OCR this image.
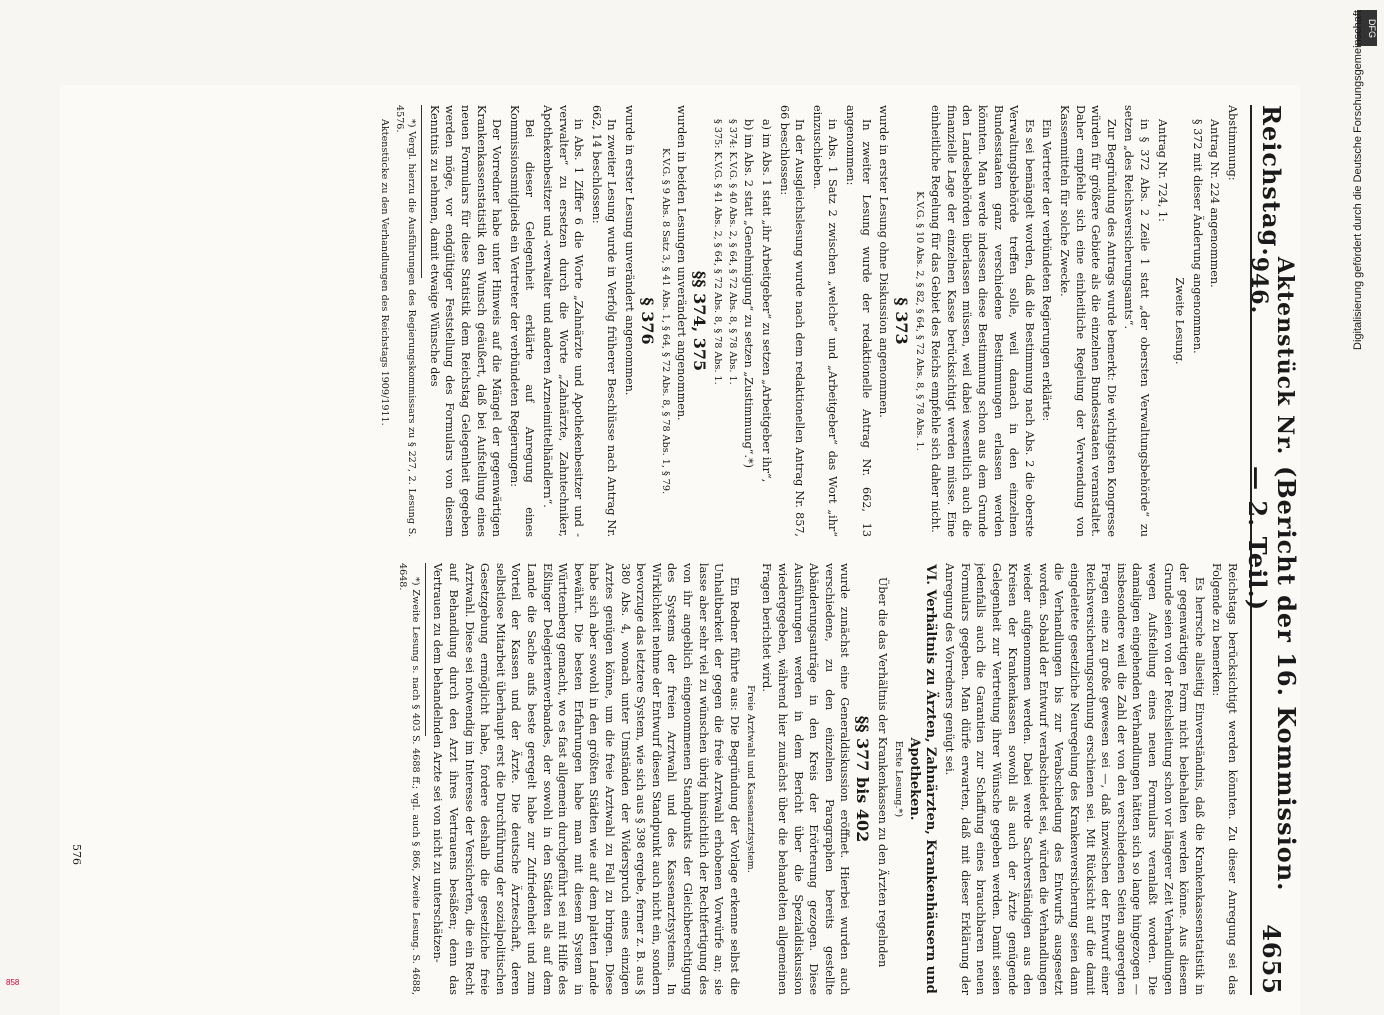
Reichstag.
Aktenstück Nr. 946.
(Bericht der 16. Kommission. — 2. Teil.)
4655

Abstimmung:

Antrag Nr. 224 angenommen.

§ 372 mit dieser Änderung angenommen.

Zweite Lesung.

Antrag Nr. 724, 1:

in § 372 Abs. 2 Zeile 1 statt „der obersten Verwaltungsbehörde“ zu setzen „des Reichsversicherungsamts“.

Zur Begründung des Antrags wurde bemerkt: Die wichtigsten Kongresse würden für größere Gebiete als die einzelnen Bundesstaaten veranstaltet. Daher empfehle sich eine einheitliche Regelung der Verwendung von Kassenmitteln für solche Zwecke.

Ein Vertreter der verbündeten Regierungen erklärte:

Es sei bemängelt worden, daß die Bestimmung nach Abs. 2 die oberste Verwaltungsbehörde treffen solle, weil danach in den einzelnen Bundesstaaten ganz verschiedene Bestimmungen erlassen werden könnten. Man werde indessen diese Bestimmung schon aus dem Grunde den Landesbehörden überlassen müssen, weil dabei wesentlich auch die finanzielle Lage der einzelnen Kasse berücksichtigt werden müsse. Eine einheitliche Regelung für das Gebiet des Reichs empfehle sich daher nicht.

K.V.G. § 10 Abs. 2, § 82, § 64, § 72 Abs. 8, § 78 Abs. 1.

§ 373

wurde in erster Lesung ohne Diskussion angenommen.

In zweiter Lesung wurde der redaktionelle Antrag Nr. 662, 13 angenommen:

in Abs. 1 Satz 2 zwischen „welche“ und „Arbeitgeber“ das Wort „ihr“ einzuschieben.

In der Ausgleichslesung wurde nach dem redaktionellen Antrag Nr. 857, 66 beschlossen:

a) im Abs. 1 statt „ihr Arbeitgeber“ zu setzen „Arbeitgeber ihr“,

b) im Abs. 2 statt „Genehmigung“ zu setzen „Zustimmung“.*)

§ 374: K.V.G. § 40 Abs. 2, § 64, § 72 Abs. 8, § 78 Abs. 1.

§ 375: K.V.G. § 41 Abs. 2, § 64, § 72 Abs. 8, § 78 Abs. 1.

§§ 374, 375

wurden in beiden Lesungen unverändert angenommen.

K.V.G. § 9 Abs. 8 Satz 3, § 41 Abs. 1, § 64, § 72 Abs. 8, § 78 Abs. 1, § 79.

§ 376

wurde in erster Lesung unverändert angenommen.

In zweiter Lesung wurde in Verfolg früherer Beschlüsse nach Antrag Nr. 662, 14 beschlossen:

in Abs. 1 Ziffer 6 die Worte „Zahnärzte und Apothekenbesitzer und -verwalter“ zu ersetzen durch die Worte „Zahnärzte, Zahntechniker, Apothekenbesitzer und -verwalter und anderen Arzneimittelhändlern“.

Bei dieser Gelegenheit erklärte auf Anregung eines Kommissionsmitglieds ein Vertreter der verbündeten Regierungen:

Der Vorredner habe unter Hinweis auf die Mängel der gegenwärtigen Krankenkassenstatistik den Wunsch geäußert, daß bei Aufstellung eines neuen Formulars für diese Statistik dem Reichstag Gelegenheit gegeben werden möge, vor endgültiger Feststellung des Formulars von diesem Kenntnis zu nehmen, damit etwaige Wünsche des

*) Vergl. hierzu die Ausführungen des Regierungskommissars zu § 227, 2. Lesung S. 4576.

Aktenstücke zu den Verhandlungen des Reichstags 1909/1911.

Reichstags berücksichtigt werden könnten. Zu dieser Anregung sei das Folgende zu bemerken:

Es herrsche allseitig Einverständnis, daß die Krankenkassenstatistik in der gegenwärtigen Form nicht beibehalten werden könne. Aus diesem Grunde seien von der Reichsleitung schon vor längerer Zeit Verhandlungen wegen Aufstellung eines neuen Formulars veranlaßt worden. Die damaligen eingehenden Verhandlungen hätten sich so lange hingezogen — insbesondere weil die Zahl der von den verschiedenen Seiten angeregten Fragen eine zu große gewesen sei —, daß inzwischen der Entwurf einer Reichsversicherungsordnung erschienen sei. Mit Rücksicht auf die damit eingeleitete gesetzliche Neuregelung des Krankenversicherung seien dann die Verhandlungen bis zur Verabschiedung des Entwurfs ausgesetzt worden. Sobald der Entwurf verabschiedet sei, würden die Verhandlungen wieder aufgenommen werden. Dabei werde Sachverständigen aus den Kreisen der Krankenkassen sowohl als auch der Ärzte genügende Gelegenheit zur Vertretung ihrer Wünsche gegeben werden. Damit seien jedenfalls auch die Garantien zur Schaffung eines brauchbaren neuen Formulars gegeben. Man dürfe erwarten, daß mit dieser Erklärung der Anregung des Vorredners genügt sei.

VI. Verhältnis zu Ärzten, Zahnärzten, Krankenhäusern und Apotheken.

Erste Lesung.*)

Über die das Verhältnis der Krankenkassen zu den Ärzten regelnden

§§ 377 bis 402

wurde zunächst eine Generaldiskussion eröffnet. Hierbei wurden auch verschiedene, zu den einzelnen Paragraphen bereits gestellte Abänderungsanträge in den Kreis der Erörterung gezogen. Diese Ausführungen werden in dem Bericht über die Spezialdiskussion wiedergegeben, während hier zunächst über die behandelten allgemeinen Fragen berichtet wird.

Freie Arztwahl und Kassenarztsystem.

Ein Redner führte aus: Die Begründung der Vorlage erkenne selbst die Unhaltbarkeit der gegen die freie Arztwahl erhobenen Vorwürfe an; sie lasse aber sehr viel zu wünschen übrig hinsichtlich der Rechtfertigung des von ihr angeblich eingenommenen Standpunkts der Gleichberechtigung des Systems der freien Arztwahl und des Kassenarztsystems. In Wirklichkeit nehme der Entwurf diesen Standpunkt auch nicht ein, sondern bevorzuge das letztere System, wie sich aus § 398 ergebe, ferner z. B. aus § 380 Abs. 4, wonach unter Umständen der Widerspruch eines einzigen Arztes genügen könne, um die freie Arztwahl zu Fall zu bringen. Diese habe sich aber sowohl in den größten Städten wie auf dem platten Lande bewährt. Die besten Erfahrungen habe man mit diesem System in Württemberg gemacht, wo es fast allgemein durchgeführt sei mit Hilfe des Eßlinger Delegiertenverbandes, der sowohl in den Städten als auf dem Lande die Sache aufs beste geregelt habe zur Zufriedenheit und zum Vorteil der Kassen und der Ärzte. Die deutsche Ärzteschaft, deren selbstlose Mitarbeit überhaupt erst die Durchführung der sozialpolitischen Gesetzgebung ermöglicht habe, fordere deshalb die gesetzliche freie Arztwahl. Diese sei notwendig im Interesse der Versicherten, die ein Recht auf Behandlung durch den Arzt ihres Vertrauens besäßen; denn das Vertrauen zu dem behandelnden Arzte sei von nicht zu unterschätzen-

*) Zweite Lesung s. nach § 403 S. 4688 ff.; vgl. auch § 866, Zweite Lesung. S. 4688, 4648.

576
DFG
Digitalisierung gefördert durch die Deutsche Forschungsgemeinschaft
858
